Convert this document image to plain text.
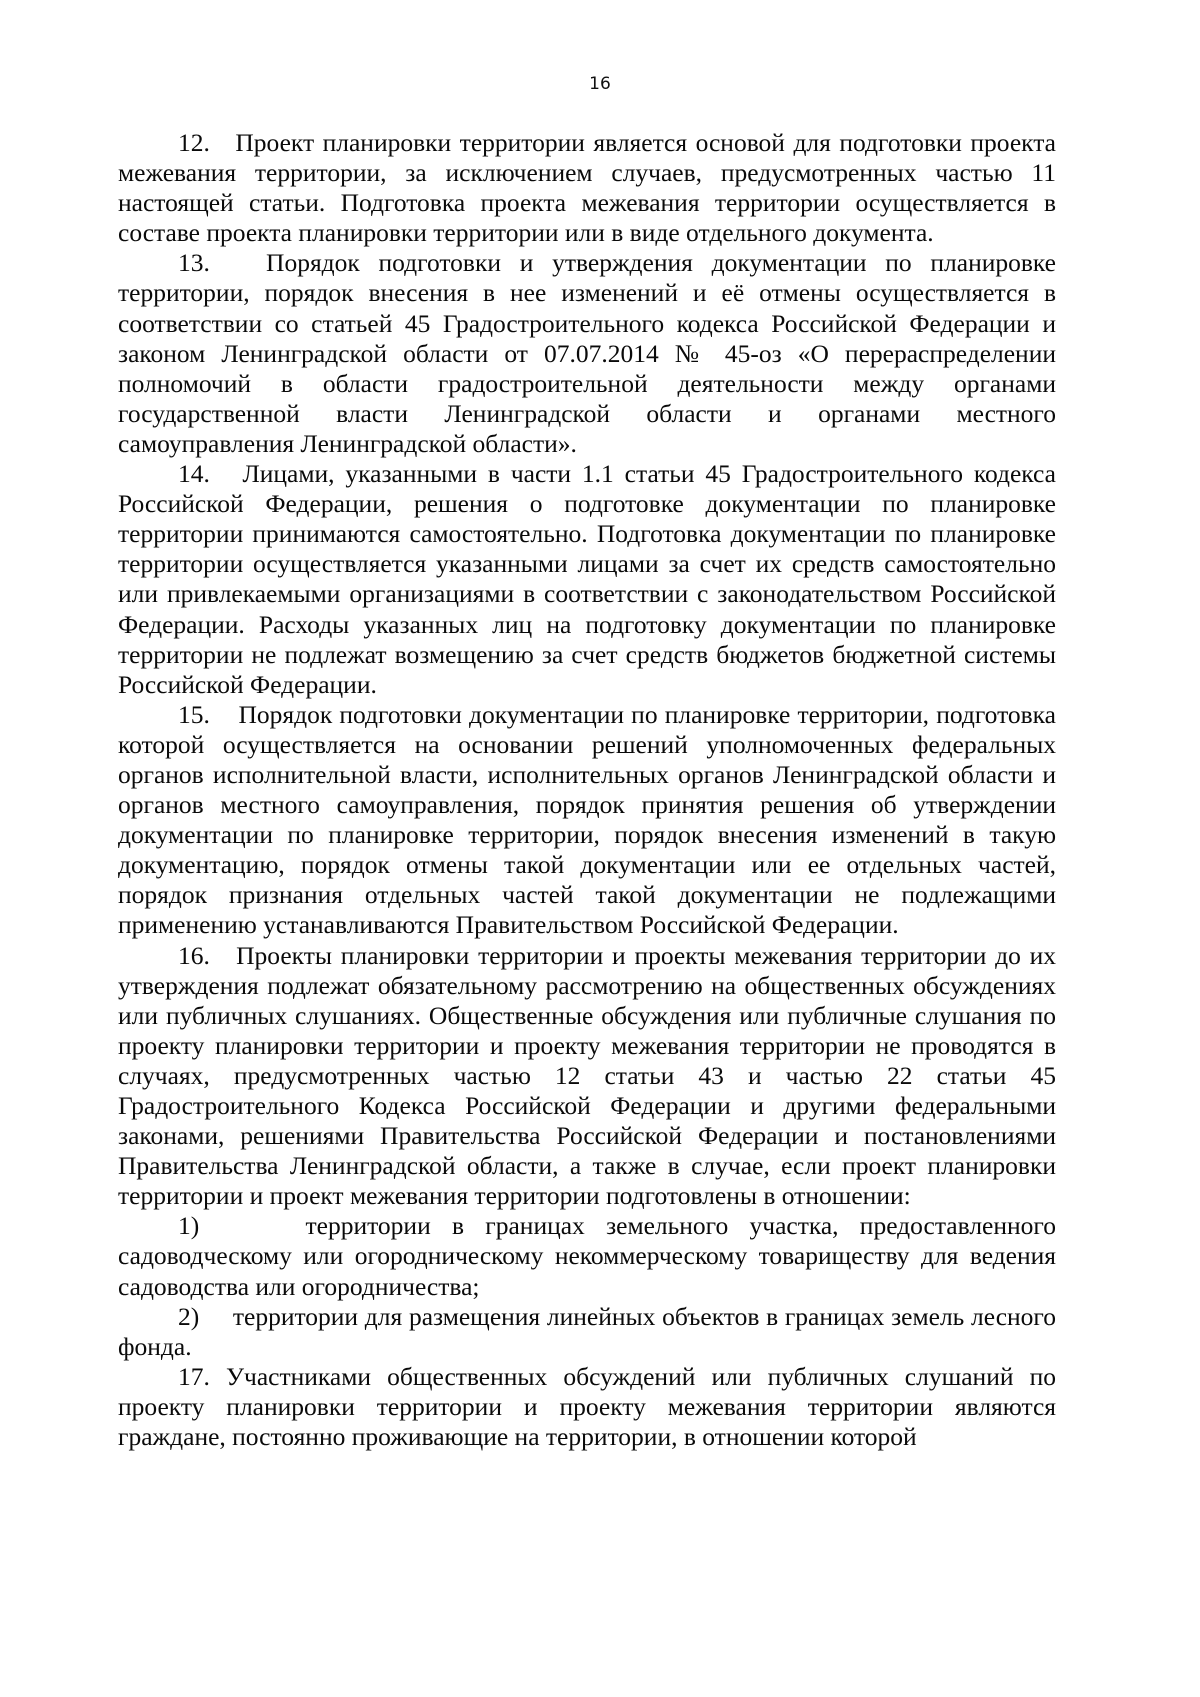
16

12.   Проект планировки территории является основой для подготовки проекта межевания территории, за исключением случаев, предусмотренных частью 11 настоящей статьи. Подготовка проекта межевания территории осуществляется в составе проекта планировки территории или в виде отдельного документа.

13.   Порядок подготовки и утверждения документации по планировке территории, порядок внесения в нее изменений и её отмены осуществляется в соответствии со статьей 45 Градостроительного кодекса Российской Федерации и законом Ленинградской области от 07.07.2014 № 45-оз «О перераспределении полномочий в области градостроительной деятельности между органами государственной власти Ленинградской области и органами местного самоуправления Ленинградской области».

14.   Лицами, указанными в части 1.1 статьи 45 Градостроительного кодекса Российской Федерации, решения о подготовке документации по планировке территории принимаются самостоятельно. Подготовка документации по планировке территории осуществляется указанными лицами за счет их средств самостоятельно или привлекаемыми организациями в соответствии с законодательством Российской Федерации. Расходы указанных лиц на подготовку документации по планировке территории не подлежат возмещению за счет средств бюджетов бюджетной системы Российской Федерации.

15.    Порядок подготовки документации по планировке территории, подготовка которой осуществляется на основании решений уполномоченных федеральных органов исполнительной власти, исполнительных органов Ленинградской области и органов местного самоуправления, порядок принятия решения об утверждении документации по планировке территории, порядок внесения изменений в такую документацию, порядок отмены такой документации или ее отдельных частей, порядок признания отдельных частей такой документации не подлежащими применению устанавливаются Правительством Российской Федерации.

16.   Проекты планировки территории и проекты межевания территории до их утверждения подлежат обязательному рассмотрению на общественных обсуждениях или публичных слушаниях. Общественные обсуждения или публичные слушания по проекту планировки территории и проекту межевания территории не проводятся в случаях, предусмотренных частью 12 статьи 43 и частью 22 статьи 45 Градостроительного Кодекса Российской Федерации и другими федеральными законами, решениями Правительства Российской Федерации и постановлениями Правительства Ленинградской области, а также в случае, если проект планировки территории и проект межевания территории подготовлены в отношении:

1)     территории в границах земельного участка, предоставленного садоводческому или огородническому некоммерческому товариществу для ведения садоводства или огородничества;

2)     территории для размещения линейных объектов в границах земель лесного фонда.

17. Участниками общественных обсуждений или публичных слушаний по проекту планировки территории и проекту межевания территории являются граждане, постоянно проживающие на территории, в отношении которой
